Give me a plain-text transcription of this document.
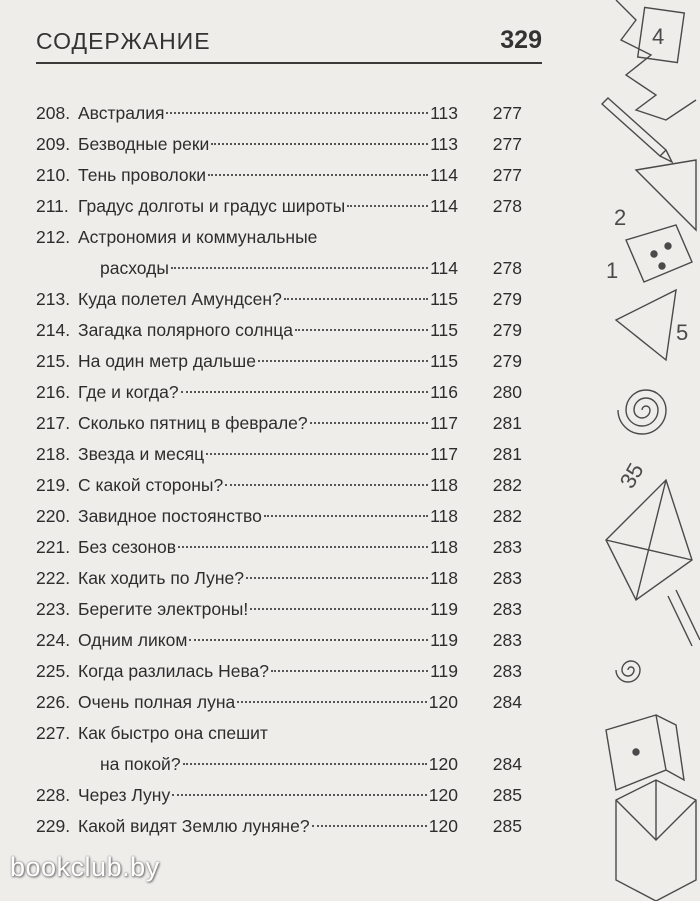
СОДЕРЖАНИЕ	329
208. Австралия	113 277
209. Безводные реки	113 277
210. Тень проволоки	114 277
211. Градус долготы и градус широты	114 278
212. Астрономия и коммунальные
расходы	114 278
213. Куда полетел Амундсен?	115 279
214. Загадка полярного солнца	115 279
215. На один метр дальше	115 279
216. Где и когда?	116 280
217. Сколько пятниц в феврале?	117 281
218. Звезда и месяц	117 281
219. С какой стороны?	118 282
220. Завидное постоянство	118 282
221. Без сезонов	118 283
222. Как ходить по Луне?	118 283
223. Берегите электроны!	119 283
224. Одним ликом	119 283
225. Когда разлилась Нева?	119 283
226. Очень полная луна	120 284
227. Как быстро она спешит
на покой?	120 284
228. Через Луну	120 285
229. Какой видят Землю луняне?	120 285
4
2
1
5
35
bookclub.by
